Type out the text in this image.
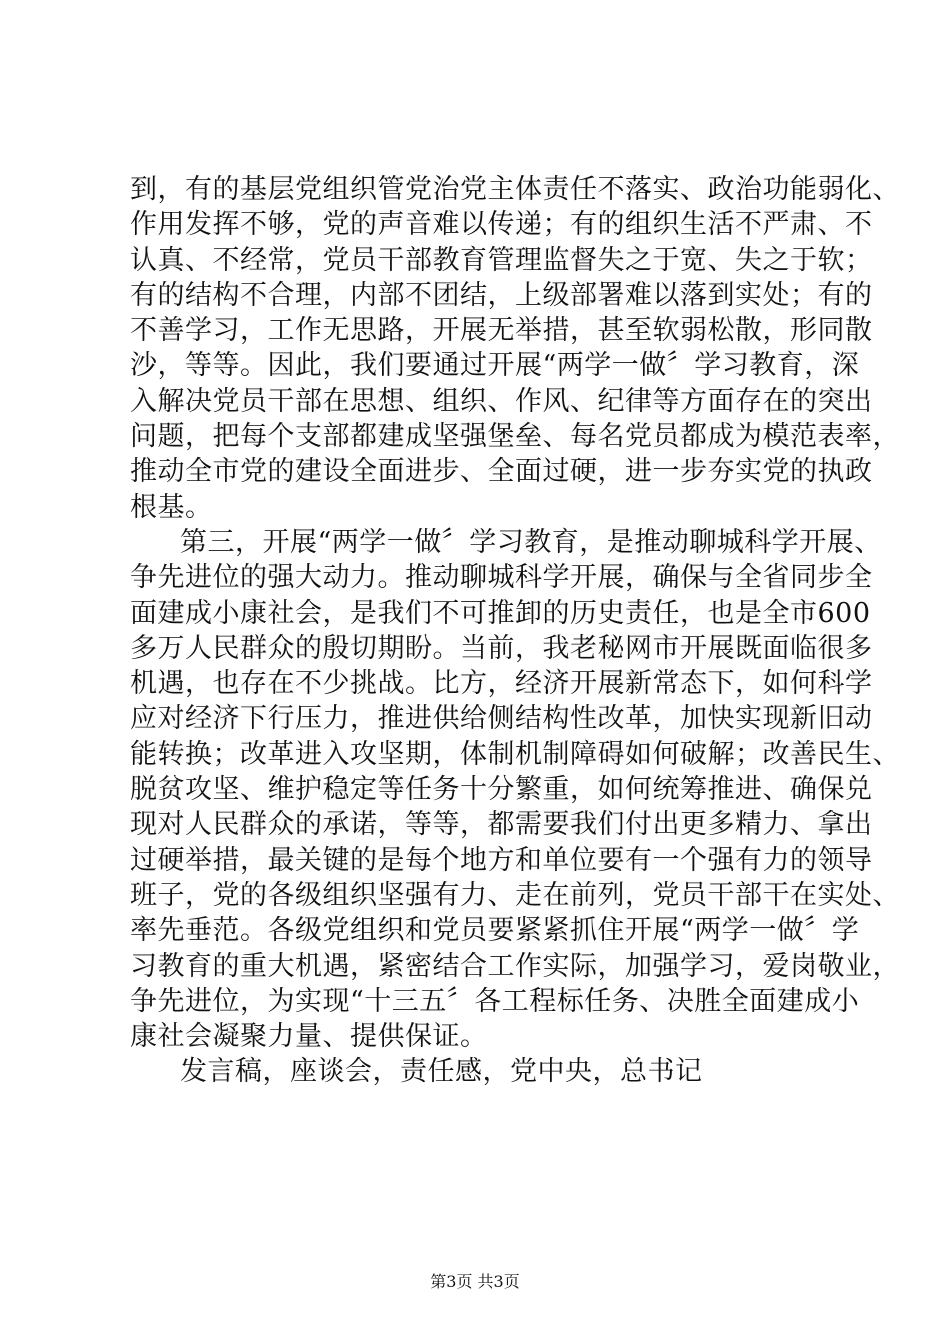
到，有的基层党组织管党治党主体责任不落实、政治功能弱化、
作用发挥不够，党的声音难以传递；有的组织生活不严肃、不
认真、不经常，党员干部教育管理监督失之于宽、失之于软；
有的结构不合理，内部不团结，上级部署难以落到实处；有的
不善学习，工作无思路，开展无举措，甚至软弱松散，形同散
沙，等等。因此，我们要通过开展“两学一做〞学习教育，深
入解决党员干部在思想、组织、作风、纪律等方面存在的突出
问题，把每个支部都建成坚强堡垒、每名党员都成为模范表率，
推动全市党的建设全面进步、全面过硬，进一步夯实党的执政
根基。
第三，开展“两学一做〞学习教育，是推动聊城科学开展、
争先进位的强大动力。推动聊城科学开展，确保与全省同步全
面建成小康社会，是我们不可推卸的历史责任，也是全市600
多万人民群众的殷切期盼。当前，我老秘网市开展既面临很多
机遇，也存在不少挑战。比方，经济开展新常态下，如何科学
应对经济下行压力，推进供给侧结构性改革，加快实现新旧动
能转换；改革进入攻坚期，体制机制障碍如何破解；改善民生、
脱贫攻坚、维护稳定等任务十分繁重，如何统筹推进、确保兑
现对人民群众的承诺，等等，都需要我们付出更多精力、拿出
过硬举措，最关键的是每个地方和单位要有一个强有力的领导
班子，党的各级组织坚强有力、走在前列，党员干部干在实处、
率先垂范。各级党组织和党员要紧紧抓住开展“两学一做〞学
习教育的重大机遇，紧密结合工作实际，加强学习，爱岗敬业，
争先进位，为实现“十三五〞各工程标任务、决胜全面建成小
康社会凝聚力量、提供保证。
发言稿，座谈会，责任感，党中央，总书记
第3页 共3页
